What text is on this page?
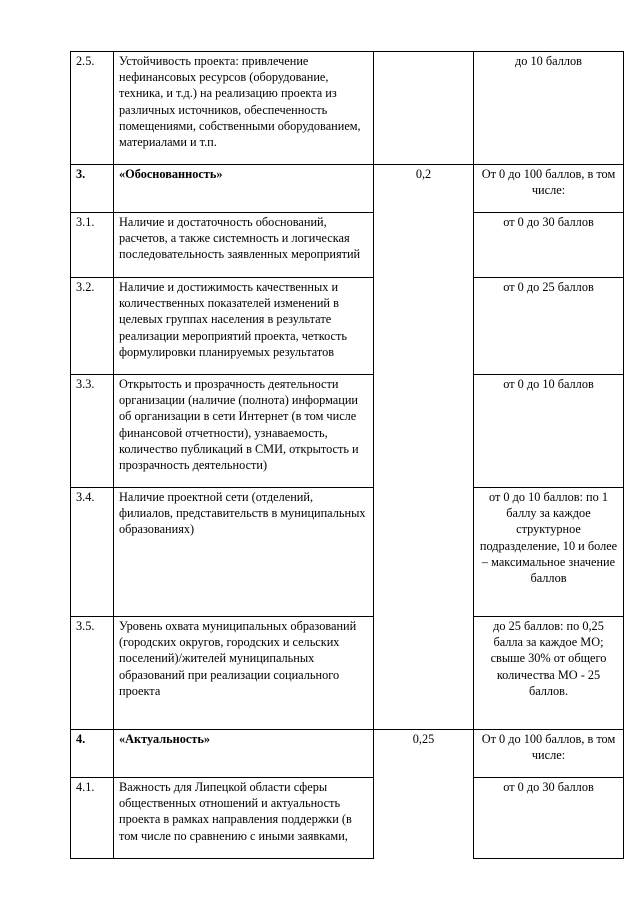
2.5.	Устойчивость проекта: привлечение нефинансовых ресурсов (оборудование, техника, и т.д.) на реализацию проекта из различных источников, обеспеченность помещениями, собственными оборудованием, материалами и т.п.		до 10 баллов
3.	«Обоснованность»	0,2	От 0 до 100 баллов, в том числе:
3.1.	Наличие и достаточность обоснований, расчетов, а также системность и логическая последовательность заявленных мероприятий		от 0 до 30 баллов
3.2.	Наличие и достижимость качественных и количественных показателей изменений в целевых группах населения в результате реализации мероприятий проекта, четкость формулировки планируемых результатов		от 0 до 25 баллов
3.3.	Открытость и прозрачность деятельности организации (наличие (полнота) информации об организации в сети Интернет (в том числе финансовой отчетности), узнаваемость, количество публикаций в СМИ, открытость и прозрачность деятельности)		от 0 до 10 баллов
3.4.	Наличие проектной сети (отделений, филиалов, представительств в муниципальных образованиях)		от 0 до 10 баллов: по 1 баллу за каждое структурное подразделение, 10 и более – максимальное значение баллов
3.5.	Уровень охвата муниципальных образований (городских округов, городских и сельских поселений)/жителей муниципальных образований при реализации социального проекта		до 25 баллов: по 0,25 балла за каждое МО; свыше 30% от общего количества МО - 25 баллов.
4.	«Актуальность»	0,25	От 0 до 100 баллов, в том числе:
4.1.	Важность для Липецкой области сферы общественных отношений и актуальность проекта в рамках направления поддержки (в том числе по сравнению с иными заявками,		от 0 до 30 баллов
